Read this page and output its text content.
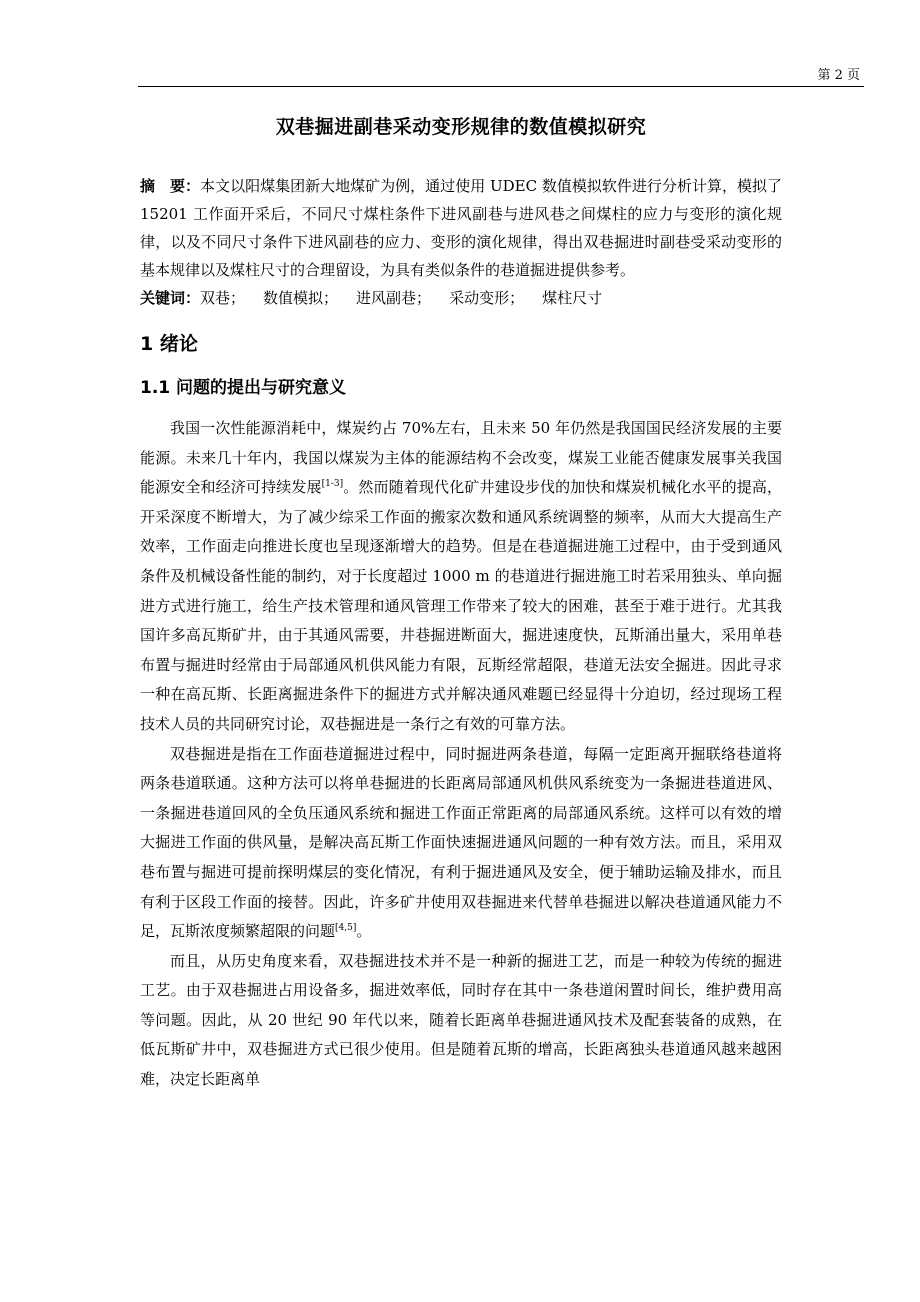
第 2 页
双巷掘进副巷采动变形规律的数值模拟研究

摘　要：本文以阳煤集团新大地煤矿为例，通过使用 UDEC 数值模拟软件进行分析计算，模拟了 15201 工作面开采后，不同尺寸煤柱条件下进风副巷与进风巷之间煤柱的应力与变形的演化规律，以及不同尺寸条件下进风副巷的应力、变形的演化规律，得出双巷掘进时副巷受采动变形的基本规律以及煤柱尺寸的合理留设，为具有类似条件的巷道掘进提供参考。

关键词：双巷； 数值模拟； 进风副巷； 采动变形； 煤柱尺寸

1 绪论
1.1 问题的提出与研究意义

我国一次性能源消耗中，煤炭约占 70%左右，且未来 50 年仍然是我国国民经济发展的主要能源。未来几十年内，我国以煤炭为主体的能源结构不会改变，煤炭工业能否健康发展事关我国能源安全和经济可持续发展[1-3]。然而随着现代化矿井建设步伐的加快和煤炭机械化水平的提高，开采深度不断增大，为了减少综采工作面的搬家次数和通风系统调整的频率，从而大大提高生产效率，工作面走向推进长度也呈现逐渐增大的趋势。但是在巷道掘进施工过程中，由于受到通风条件及机械设备性能的制约，对于长度超过 1000 m 的巷道进行掘进施工时若采用独头、单向掘进方式进行施工，给生产技术管理和通风管理工作带来了较大的困难，甚至于难于进行。尤其我国许多高瓦斯矿井，由于其通风需要，井巷掘进断面大，掘进速度快，瓦斯涌出量大，采用单巷布置与掘进时经常由于局部通风机供风能力有限，瓦斯经常超限，巷道无法安全掘进。因此寻求一种在高瓦斯、长距离掘进条件下的掘进方式并解决通风难题已经显得十分迫切，经过现场工程技术人员的共同研究讨论，双巷掘进是一条行之有效的可靠方法。

双巷掘进是指在工作面巷道掘进过程中，同时掘进两条巷道，每隔一定距离开掘联络巷道将两条巷道联通。这种方法可以将单巷掘进的长距离局部通风机供风系统变为一条掘进巷道进风、一条掘进巷道回风的全负压通风系统和掘进工作面正常距离的局部通风系统。这样可以有效的增大掘进工作面的供风量，是解决高瓦斯工作面快速掘进通风问题的一种有效方法。而且，采用双巷布置与掘进可提前探明煤层的变化情况，有利于掘进通风及安全，便于辅助运输及排水，而且有利于区段工作面的接替。因此，许多矿井使用双巷掘进来代替单巷掘进以解决巷道通风能力不足，瓦斯浓度频繁超限的问题[4,5]。

而且，从历史角度来看，双巷掘进技术并不是一种新的掘进工艺，而是一种较为传统的掘进工艺。由于双巷掘进占用设备多，掘进效率低，同时存在其中一条巷道闲置时间长，维护费用高等问题。因此，从 20 世纪 90 年代以来，随着长距离单巷掘进通风技术及配套装备的成熟，在低瓦斯矿井中，双巷掘进方式已很少使用。但是随着瓦斯的增高，长距离独头巷道通风越来越困难，决定长距离单
